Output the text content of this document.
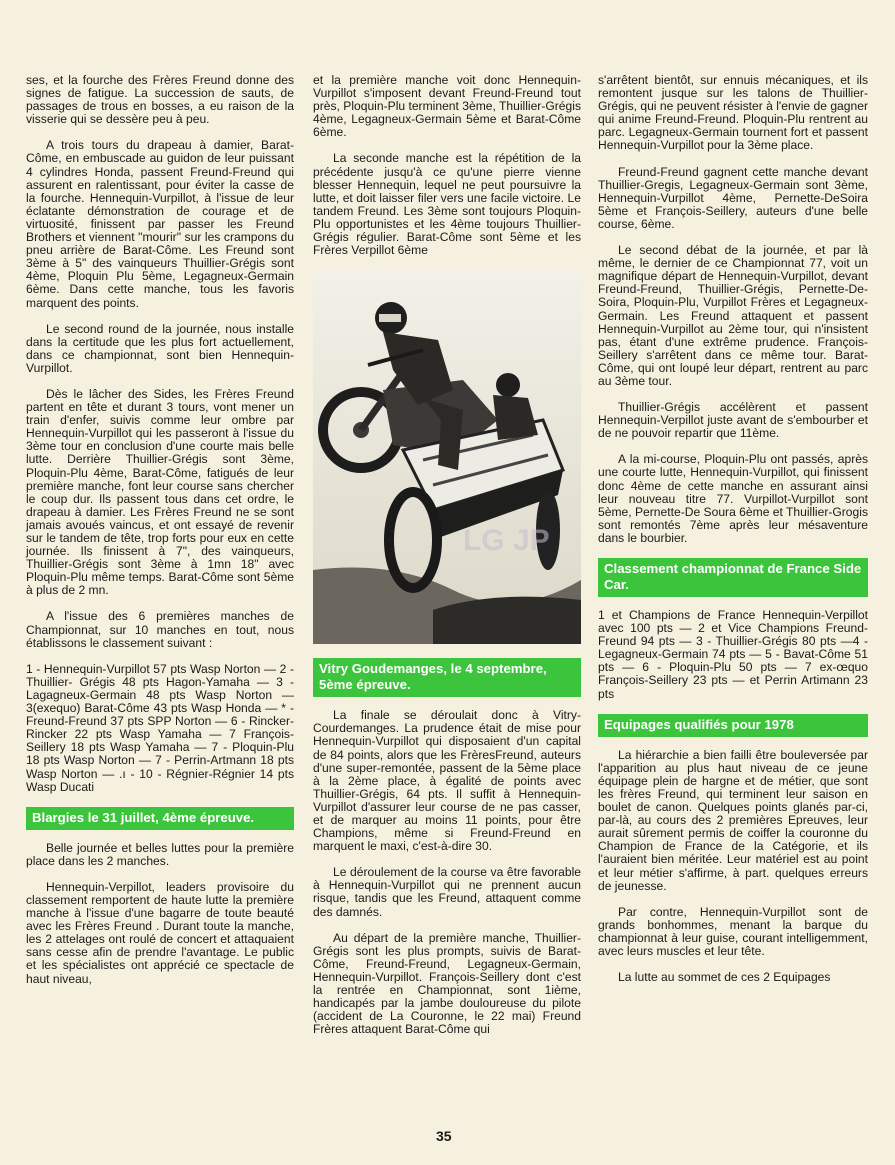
ses, et la fourche des Frères Freund donne des signes de fatigue. La succession de sauts, de passages de trous en bosses, a eu raison de la visserie qui se dessère peu à peu.

A trois tours du drapeau à damier, Barat-Côme, en embuscade au guidon de leur puissant 4 cylindres Honda, passent Freund-Freund qui assurent en ralentissant, pour éviter la casse de la fourche. Hennequin-Vurpillot, à l'issue de leur éclatante démonstration de courage et de virtuosité, finissent par passer les Freund Brothers et viennent "mourir" sur les crampons du pneu arrière de Barat-Côme. Les Freund sont 3ème à 5" des vainqueurs Thuillier-Grégis sont 4ème, Ploquin Plu 5ème, Legagneux-Germain 6ème. Dans cette manche, tous les favoris marquent des points.

Le second round de la journée, nous installe dans la certitude que les plus fort actuellement, dans ce championnat, sont bien Hennequin-Vurpillot.

Dès le lâcher des Sides, les Frères Freund partent en tête et durant 3 tours, vont mener un train d'enfer, suivis comme leur ombre par Hennequin-Vurpillot qui les passeront à l'issue du 3ème tour en conclusion d'une courte mais belle lutte. Derrière Thuillier-Grégis sont 3ème, Ploquin-Plu 4ème, Barat-Côme, fatigués de leur première manche, font leur course sans chercher le coup dur. Ils passent tous dans cet ordre, le drapeau à damier. Les Frères Freund ne se sont jamais avoués vaincus, et ont essayé de revenir sur le tandem de tête, trop forts pour eux en cette journée. Ils finissent à 7", des vainqueurs, Thuillier-Grégis sont 3ème à 1mn 18" avec Ploquin-Plu même temps. Barat-Côme sont 5ème à plus de 2 mn.

A l'issue des 6 premières manches de Championnat, sur 10 manches en tout, nous établissons le classement suivant :

1 - Hennequin-Vurpillot 57 pts Wasp Norton — 2 - Thuillier- Grégis 48 pts Hagon-Yamaha — 3 - Lagagneux-Germain 48 pts Wasp Norton — 3(exequo) Barat-Côme 43 pts Wasp Honda — * - Freund-Freund 37 pts SPP Norton — 6 - Rincker-Rincker 22 pts Wasp Yamaha — 7 François-Seillery 18 pts Wasp Yamaha — 7 - Ploquin-Plu 18 pts Wasp Norton — 7 - Perrin-Artmann 18 pts Wasp Norton — .ı - 10 - Régnier-Régnier 14 pts Wasp Ducati

Blargies le 31 juillet, 4ème épreuve.

Belle journée et belles luttes pour la première place dans les 2 manches.

Hennequin-Verpillot, leaders provisoire du classement remportent de haute lutte la première manche à l'issue d'une bagarre de toute beauté avec les Frères Freund . Durant toute la manche, les 2 attelages ont roulé de concert et attaquaient sans cesse afin de prendre l'avantage. Le public et les spécialistes ont apprécié ce spectacle de haut niveau,

et la première manche voit donc Hennequin-Vurpillot s'imposent devant Freund-Freund tout près, Ploquin-Plu terminent 3ème, Thuillier-Grégis 4ème, Legagneux-Germain 5ème et Barat-Côme 6ème.

La seconde manche est la répétition de la précédente jusqu'à ce qu'une pierre vienne blesser Hennequin, lequel ne peut poursuivre la lutte, et doit laisser filer vers une facile victoire. Le tandem Freund. Les 3ème sont toujours Ploquin-Plu opportunistes et les 4ème toujours Thuillier-Grégis régulier. Barat-Côme sont 5ème et les Frères Verpillot 6ème

LG JP
Vitry Goudemanges, le 4 septembre, 5ème épreuve.

La finale se déroulait donc à Vitry-Courdemanges. La prudence était de mise pour Hennequin-Vurpillot qui disposaient d'un capital de 84 points, alors que les FrèresFreund, auteurs d'une super-remontée, passent de la 5ème place à la 2ème place, à égalité de points avec Thuillier-Grégis, 64 pts. Il suffit à Hennequin-Vurpillot d'assurer leur course de ne pas casser, et de marquer au moins 11 points, pour être Champions, même si Freund-Freund en marquent le maxi, c'est-à-dire 30.

Le déroulement de la course va être favorable à Hennequin-Vurpillot qui ne prennent aucun risque, tandis que les Freund, attaquent comme des damnés.

Au départ de la première manche, Thuillier-Grégis sont les plus prompts, suivis de Barat-Côme, Freund-Freund, Legagneux-Germain, Hennequin-Vurpillot. François-Seillery dont c'est la rentrée en Championnat, sont 1ième, handicapés par la jambe douloureuse du pilote (accident de La Couronne, le 22 mai) Freund Frères attaquent Barat-Côme qui

s'arrêtent bientôt, sur ennuis mécaniques, et ils remontent jusque sur les talons de Thuillier-Grégis, qui ne peuvent résister à l'envie de gagner qui anime Freund-Freund. Ploquin-Plu rentrent au parc. Legagneux-Germain tournent fort et passent Hennequin-Vurpillot pour la 3ème place.

Freund-Freund gagnent cette manche devant Thuillier-Gregis, Legagneux-Germain sont 3ème, Hennequin-Vurpillot 4ème, Pernette-DeSoira 5ème et François-Seillery, auteurs d'une belle course, 6ème.

Le second débat de la journée, et par là même, le dernier de ce Championnat 77, voit un magnifique départ de Hennequin-Vurpillot, devant Freund-Freund, Thuillier-Grégis, Pernette-De-Soira, Ploquin-Plu, Vurpillot Frères et Legagneux-Germain. Les Freund attaquent et passent Hennequin-Vurpillot au 2ème tour, qui n'insistent pas, étant d'une extrême prudence. François-Seillery s'arrêtent dans ce même tour. Barat-Côme, qui ont loupé leur départ, rentrent au parc au 3ème tour.

Thuillier-Grégis accélèrent et passent Hennequin-Verpillot juste avant de s'embourber et de ne pouvoir repartir que 11ème.

A la mi-course, Ploquin-Plu ont passés, après une courte lutte, Hennequin-Vurpillot, qui finissent donc 4ème de cette manche en assurant ainsi leur nouveau titre 77. Vurpillot-Vurpillot sont 5ème, Pernette-De Soura 6ème et Thuillier-Grogis sont remontés 7ème après leur mésaventure dans le bourbier.

Classement championnat de France Side Car.

1 et Champions de France Hennequin-Verpillot avec 100 pts — 2 et Vice Champions Freund-Freund 94 pts — 3 - Thuillier-Grégis 80 pts —4 - Legagneux-Germain 74 pts — 5 - Bavat-Côme 51 pts — 6 - Ploquin-Plu 50 pts — 7 ex-œquo François-Seillery 23 pts — et Perrin Artimann 23 pts

Equipages qualifiés pour 1978

La hiérarchie a bien failli être bouleversée par l'apparition au plus haut niveau de ce jeune équipage plein de hargne et de métier, que sont les frères Freund, qui terminent leur saison en boulet de canon. Quelques points glanés par-ci, par-là, au cours des 2 premières Epreuves, leur aurait sûrement permis de coiffer la couronne du Champion de France de la Catégorie, et ils l'auraient bien méritée. Leur matériel est au point et leur métier s'affirme, à part. quelques erreurs de jeunesse.

Par contre, Hennequin-Vurpillot sont de grands bonhommes, menant la barque du championnat à leur guise, courant intelligemment, avec leurs muscles et leur tête.

La lutte au sommet de ces 2 Equipages

35
